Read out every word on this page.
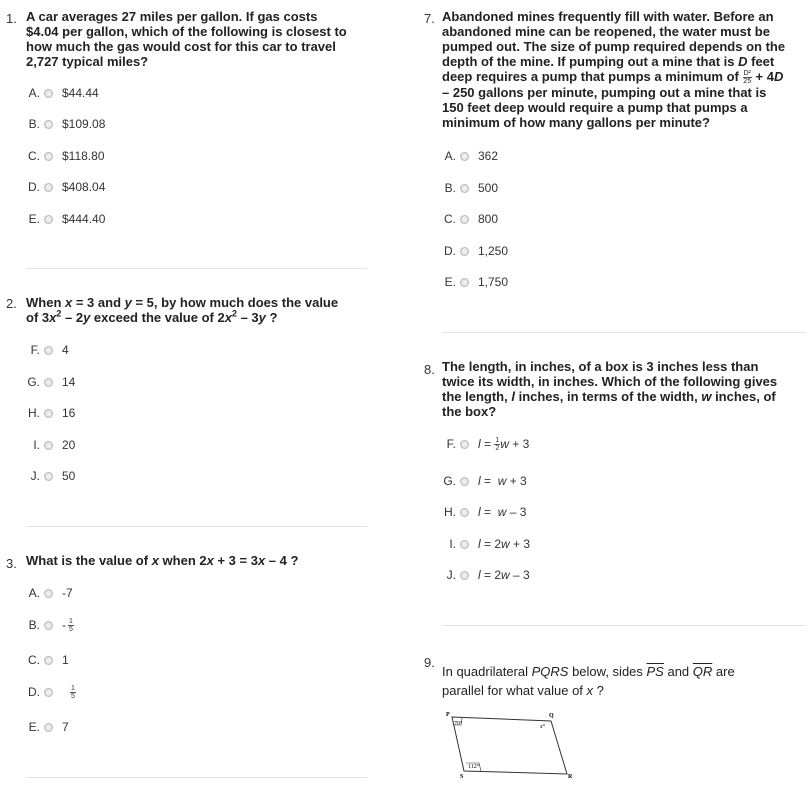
1. A car averages 27 miles per gallon. If gas costs
$4.04 per gallon, which of the following is closest to
how much the gas would cost for this car to travel
2,727 typical miles?
A. $44.44
B. $109.08
C. $118.80
D. $408.04
E. $444.40
2. When x = 3 and y = 5, by how much does the value
of $3x^2 - 2y$ exceed the value of $2x^2 - 3y$ ?
F. 4
G. 14
H. 16
I. 20
J. 50
3. What is the value of x when 2x + 3 = 3x – 4 ?
A. -7
B. - $\frac{1}{5}$
C. 1
D.	$\frac{1}{5}$
E. 7
7. Abandoned mines frequently fill with water. Before an
abandoned mine can be reopened, the water must be
pumped out. The size of pump required depends on the
depth of the mine. If pumping out a mine that is D feet
deep requires a pump that pumps a minimum of $\frac{\text{D²}}{25} + 4D$
– 250 gallons per minute, pumping out a mine that is
150 feet deep would require a pump that pumps a
minimum of how many gallons per minute?
A. 362
B. 500
C. 800
D. 1,250
E. 1,750
8. The length, in inches, of a box is 3 inches less than
twice its width, in inches. Which of the following gives
the length, l inches, in terms of the width, w inches, of
the box?
F. $l = \frac{1}{2}$ w + 3
G. l = w + 3
H. l = w – 3
I. l = 2 w + 3
J. l = 2 w – 3
9.
In quadrilateral PQRS below, sides $\overline{PS}$ and $\overline{QR}$ are
parallel for what value of x ?
P	Q
R
S
70°	x°
112°
